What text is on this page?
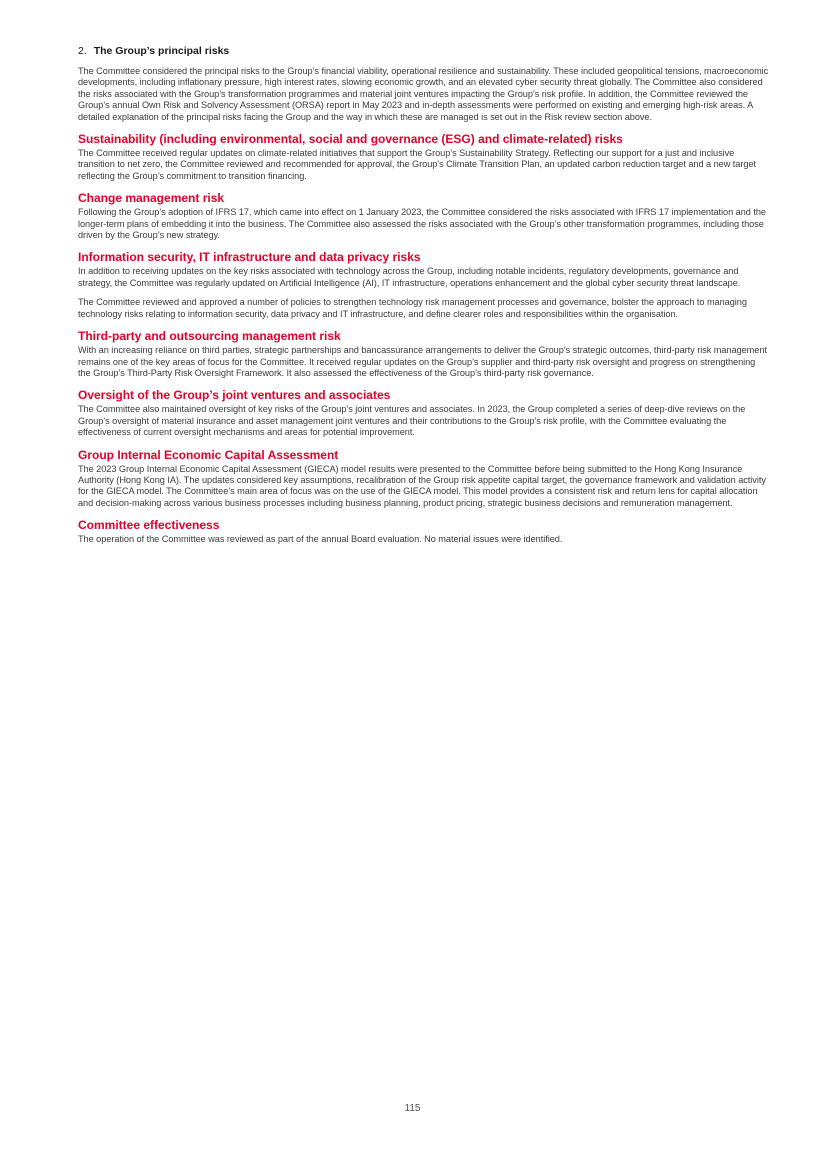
2. The Group’s principal risks

The Committee considered the principal risks to the Group’s financial viability, operational resilience and sustainability. These included geopolitical tensions, macroeconomic developments, including inflationary pressure, high interest rates, slowing economic growth, and an elevated cyber security threat globally. The Committee also considered the risks associated with the Group’s transformation programmes and material joint ventures impacting the Group’s risk profile. In addition, the Committee reviewed the Group’s annual Own Risk and Solvency Assessment (ORSA) report in May 2023 and in-depth assessments were performed on existing and emerging high-risk areas. A detailed explanation of the principal risks facing the Group and the way in which these are managed is set out in the Risk review section above.

Sustainability (including environmental, social and governance (ESG) and climate-related) risks

The Committee received regular updates on climate-related initiatives that support the Group’s Sustainability Strategy. Reflecting our support for a just and inclusive transition to net zero, the Committee reviewed and recommended for approval, the Group’s Climate Transition Plan, an updated carbon reduction target and a new target reflecting the Group’s commitment to transition financing.

Change management risk

Following the Group’s adoption of IFRS 17, which came into effect on 1 January 2023, the Committee considered the risks associated with IFRS 17 implementation and the longer-term plans of embedding it into the business. The Committee also assessed the risks associated with the Group’s other transformation programmes, including those driven by the Group’s new strategy.

Information security, IT infrastructure and data privacy risks

In addition to receiving updates on the key risks associated with technology across the Group, including notable incidents, regulatory developments, governance and strategy, the Committee was regularly updated on Artificial Intelligence (AI), IT infrastructure, operations enhancement and the global cyber security threat landscape.

The Committee reviewed and approved a number of policies to strengthen technology risk management processes and governance, bolster the approach to managing technology risks relating to information security, data privacy and IT infrastructure, and define clearer roles and responsibilities within the organisation.

Third-party and outsourcing management risk

With an increasing reliance on third parties, strategic partnerships and bancassurance arrangements to deliver the Group’s strategic outcomes, third-party risk management remains one of the key areas of focus for the Committee. It received regular updates on the Group’s supplier and third-party risk oversight and progress on strengthening the Group’s Third-Party Risk Oversight Framework. It also assessed the effectiveness of the Group’s third-party risk governance.

Oversight of the Group’s joint ventures and associates

The Committee also maintained oversight of key risks of the Group’s joint ventures and associates. In 2023, the Group completed a series of deep-dive reviews on the Group’s oversight of material insurance and asset management joint ventures and their contributions to the Group’s risk profile, with the Committee evaluating the effectiveness of current oversight mechanisms and areas for potential improvement.

Group Internal Economic Capital Assessment

The 2023 Group Internal Economic Capital Assessment (GIECA) model results were presented to the Committee before being submitted to the Hong Kong Insurance Authority (Hong Kong IA). The updates considered key assumptions, recalibration of the Group risk appetite capital target, the governance framework and validation activity for the GIECA model. The Committee’s main area of focus was on the use of the GIECA model. This model provides a consistent risk and return lens for capital allocation and decision-making across various business processes including business planning, product pricing, strategic business decisions and remuneration management.

Committee effectiveness

The operation of the Committee was reviewed as part of the annual Board evaluation. No material issues were identified.

115
